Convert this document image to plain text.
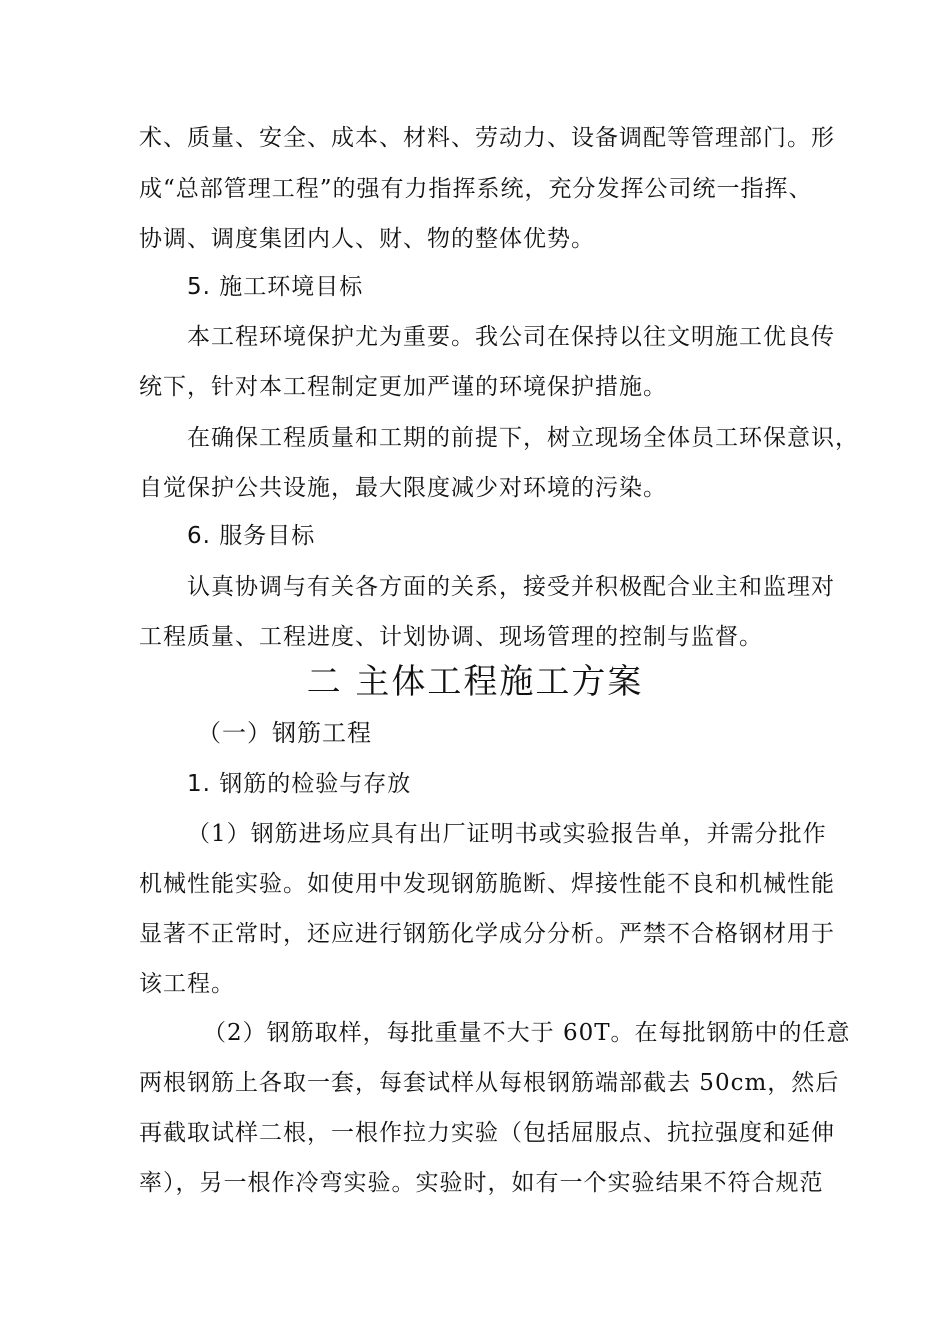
术、质量、安全、成本、材料、劳动力、设备调配等管理部门。形
成“总部管理工程”的强有力指挥系统，充分发挥公司统一指挥、
协调、调度集团内人、财、物的整体优势。
5. 施工环境目标
本工程环境保护尤为重要。我公司在保持以往文明施工优良传
统下，针对本工程制定更加严谨的环境保护措施。
在确保工程质量和工期的前提下，树立现场全体员工环保意识，
自觉保护公共设施，最大限度减少对环境的污染。
6. 服务目标
认真协调与有关各方面的关系，接受并积极配合业主和监理对
工程质量、工程进度、计划协调、现场管理的控制与监督。
二 主体工程施工方案
（一）钢筋工程
1. 钢筋的检验与存放
（1）钢筋进场应具有出厂证明书或实验报告单，并需分批作
机械性能实验。如使用中发现钢筋脆断、焊接性能不良和机械性能
显著不正常时，还应进行钢筋化学成分分析。严禁不合格钢材用于
该工程。
（2）钢筋取样，每批重量不大于 60T。在每批钢筋中的任意
两根钢筋上各取一套，每套试样从每根钢筋端部截去 50cm，然后
再截取试样二根，一根作拉力实验（包括屈服点、抗拉强度和延伸
率），另一根作冷弯实验。实验时，如有一个实验结果不符合规范
